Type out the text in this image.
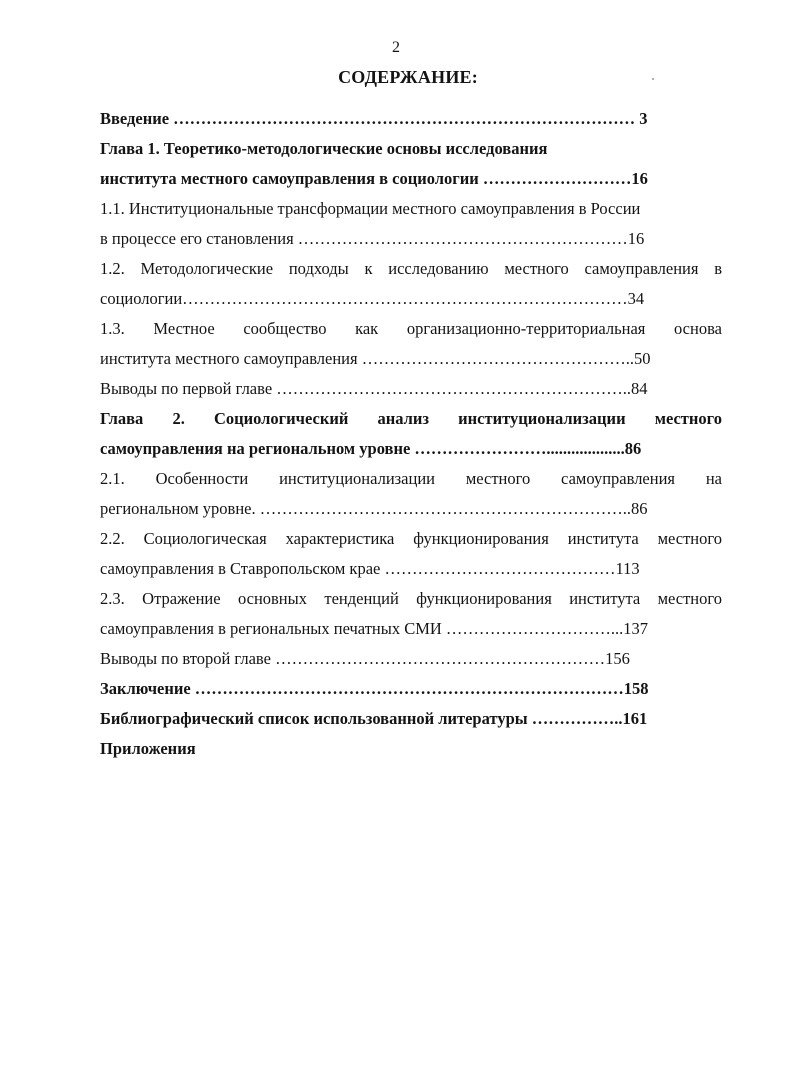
2
СОДЕРЖАНИЕ:
Введение ………………………………………………………………………… 3
Глава 1. Теоретико-методологические основы исследования
института местного самоуправления в социологии ………………………16
1.1. Институциональные трансформации местного самоуправления в России
в процессе его становления ……………………………………………………16
1.2. Методологические подходы к исследованию местного самоуправления в
социологии………………………………………………………………………34
1.3. Местное сообщество как организационно-территориальная основа
института местного самоуправления …………………………………………..50
Выводы по первой главе ………………………………………………………..84
Глава 2. Социологический анализ институционализации местного
самоуправления на региональном уровне ……………………...................86
2.1. Особенности институционализации местного самоуправления на
региональном уровне. …………………………………………………………..86
2.2. Социологическая характеристика функционирования института местного
самоуправления в Ставропольском крае ……………………………………113
2.3. Отражение основных тенденций функционирования института местного
самоуправления в региональных печатных СМИ …………………………...137
Выводы по второй главе ……………………………………………………156
Заключение ……………………………………………………………………158
Библиографический список использованной литературы ……………..161
Приложения
